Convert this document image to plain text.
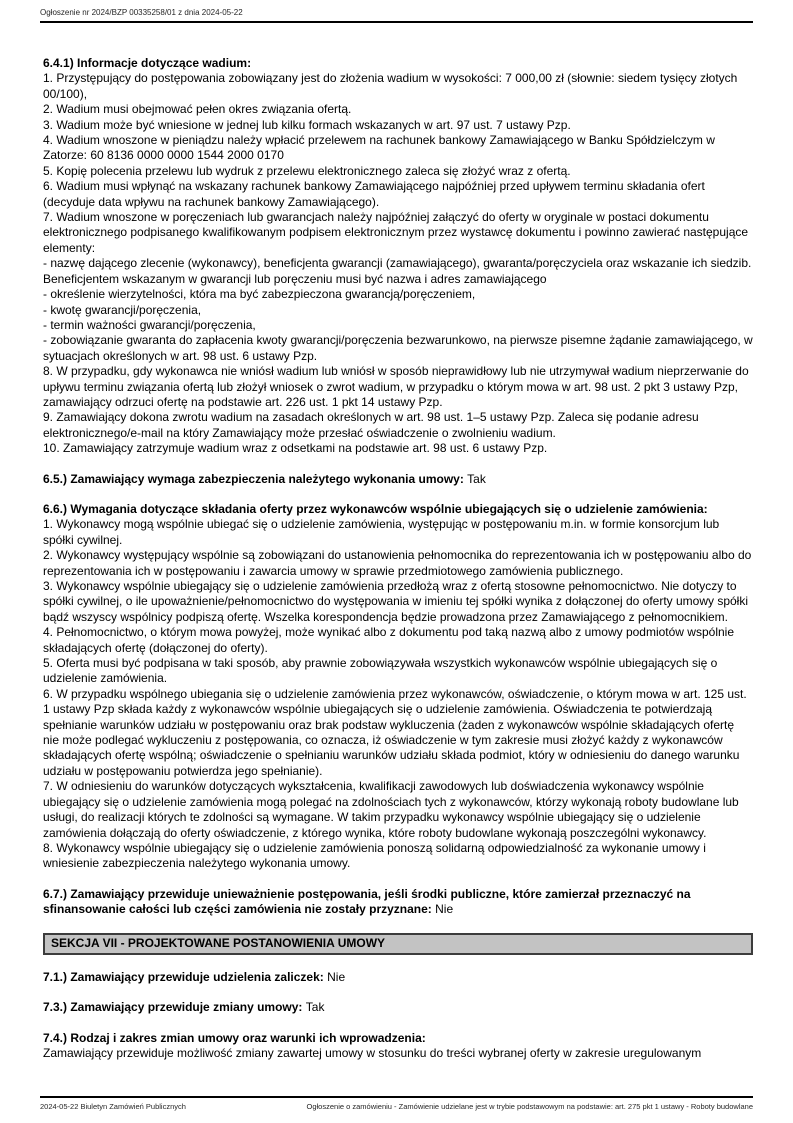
Ogłoszenie nr 2024/BZP 00335258/01 z dnia 2024-05-22
6.4.1) Informacje dotyczące wadium:
1. Przystępujący do postępowania zobowiązany jest do złożenia wadium w wysokości: 7 000,00 zł (słownie: siedem tysięcy złotych 00/100),
2. Wadium musi obejmować pełen okres związania ofertą.
3. Wadium może być wniesione w jednej lub kilku formach wskazanych w art. 97 ust. 7 ustawy Pzp.
4. Wadium wnoszone w pieniądzu należy wpłacić przelewem na rachunek bankowy Zamawiającego w Banku Spółdzielczym w Zatorze: 60 8136 0000 0000 1544 2000 0170
5. Kopię polecenia przelewu lub wydruk z przelewu elektronicznego zaleca się złożyć wraz z ofertą.
6. Wadium musi wpłynąć na wskazany rachunek bankowy Zamawiającego najpóźniej przed upływem terminu składania ofert (decyduje data wpływu na rachunek bankowy Zamawiającego).
7. Wadium wnoszone w poręczeniach lub gwarancjach należy najpóźniej załączyć do oferty w oryginale w postaci dokumentu elektronicznego podpisanego kwalifikowanym podpisem elektronicznym przez wystawcę dokumentu i powinno zawierać następujące elementy:
- nazwę dającego zlecenie (wykonawcy), beneficjenta gwarancji (zamawiającego), gwaranta/poręczyciela oraz wskazanie ich siedzib. Beneficjentem wskazanym w gwarancji lub poręczeniu musi być nazwa i adres zamawiającego
- określenie wierzytelności, która ma być zabezpieczona gwarancją/poręczeniem,
- kwotę gwarancji/poręczenia,
- termin ważności gwarancji/poręczenia,
- zobowiązanie gwaranta do zapłacenia kwoty gwarancji/poręczenia bezwarunkowo, na pierwsze pisemne żądanie zamawiającego, w sytuacjach określonych w art. 98 ust. 6 ustawy Pzp.
8. W przypadku, gdy wykonawca nie wniósł wadium lub wniósł w sposób nieprawidłowy lub nie utrzymywał wadium nieprzerwanie do upływu terminu związania ofertą lub złożył wniosek o zwrot wadium, w przypadku o którym mowa w art. 98 ust. 2 pkt 3 ustawy Pzp, zamawiający odrzuci ofertę na podstawie art. 226 ust. 1 pkt 14 ustawy Pzp.
9. Zamawiający dokona zwrotu wadium na zasadach określonych w art. 98 ust. 1–5 ustawy Pzp. Zaleca się podanie adresu elektronicznego/e-mail na który Zamawiający może przesłać oświadczenie o zwolnieniu wadium.
10. Zamawiający zatrzymuje wadium wraz z odsetkami na podstawie art. 98 ust. 6 ustawy Pzp.
6.5.) Zamawiający wymaga zabezpieczenia należytego wykonania umowy: Tak
6.6.) Wymagania dotyczące składania oferty przez wykonawców wspólnie ubiegających się o udzielenie zamówienia:
1. Wykonawcy mogą wspólnie ubiegać się o udzielenie zamówienia, występując w postępowaniu m.in. w formie konsorcjum lub spółki cywilnej.
2. Wykonawcy występujący wspólnie są zobowiązani do ustanowienia pełnomocnika do reprezentowania ich w postępowaniu albo do reprezentowania ich w postępowaniu i zawarcia umowy w sprawie przedmiotowego zamówienia publicznego.
3. Wykonawcy wspólnie ubiegający się o udzielenie zamówienia przedłożą wraz z ofertą stosowne pełnomocnictwo. Nie dotyczy to spółki cywilnej, o ile upoważnienie/pełnomocnictwo do występowania w imieniu tej spółki wynika z dołączonej do oferty umowy spółki bądź wszyscy wspólnicy podpiszą ofertę. Wszelka korespondencja będzie prowadzona przez Zamawiającego z pełnomocnikiem.
4. Pełnomocnictwo, o którym mowa powyżej, może wynikać albo z dokumentu pod taką nazwą albo z umowy podmiotów wspólnie składających ofertę (dołączonej do oferty).
5. Oferta musi być podpisana w taki sposób, aby prawnie zobowiązywała wszystkich wykonawców wspólnie ubiegających się o udzielenie zamówienia.
6. W przypadku wspólnego ubiegania się o udzielenie zamówienia przez wykonawców, oświadczenie, o którym mowa w art. 125 ust. 1 ustawy Pzp składa każdy z wykonawców wspólnie ubiegających się o udzielenie zamówienia. Oświadczenia te potwierdzają spełnianie warunków udziału w postępowaniu oraz brak podstaw wykluczenia (żaden z wykonawców wspólnie składających ofertę nie może podlegać wykluczeniu z postępowania, co oznacza, iż oświadczenie w tym zakresie musi złożyć każdy z wykonawców składających ofertę wspólną; oświadczenie o spełnianiu warunków udziału składa podmiot, który w odniesieniu do danego warunku udziału w postępowaniu potwierdza jego spełnianie).
7. W odniesieniu do warunków dotyczących wykształcenia, kwalifikacji zawodowych lub doświadczenia wykonawcy wspólnie ubiegający się o udzielenie zamówienia mogą polegać na zdolnościach tych z wykonawców, którzy wykonają roboty budowlane lub usługi, do realizacji których te zdolności są wymagane. W takim przypadku wykonawcy wspólnie ubiegający się o udzielenie zamówienia dołączają do oferty oświadczenie, z którego wynika, które roboty budowlane wykonają poszczególni wykonawcy.
8. Wykonawcy wspólnie ubiegający się o udzielenie zamówienia ponoszą solidarną odpowiedzialność za wykonanie umowy i wniesienie zabezpieczenia należytego wykonania umowy.
6.7.) Zamawiający przewiduje unieważnienie postępowania, jeśli środki publiczne, które zamierzał przeznaczyć na sfinansowanie całości lub części zamówienia nie zostały przyznane: Nie
SEKCJA VII - PROJEKTOWANE POSTANOWIENIA UMOWY
7.1.) Zamawiający przewiduje udzielenia zaliczek: Nie
7.3.) Zamawiający przewiduje zmiany umowy: Tak
7.4.) Rodzaj i zakres zmian umowy oraz warunki ich wprowadzenia:
Zamawiający przewiduje możliwość zmiany zawartej umowy w stosunku do treści wybranej oferty w zakresie uregulowanym
2024-05-22 Biuletyn Zamówień Publicznych	Ogłoszenie o zamówieniu - Zamówienie udzielane jest w trybie podstawowym na podstawie: art. 275 pkt 1 ustawy - Roboty budowlane
